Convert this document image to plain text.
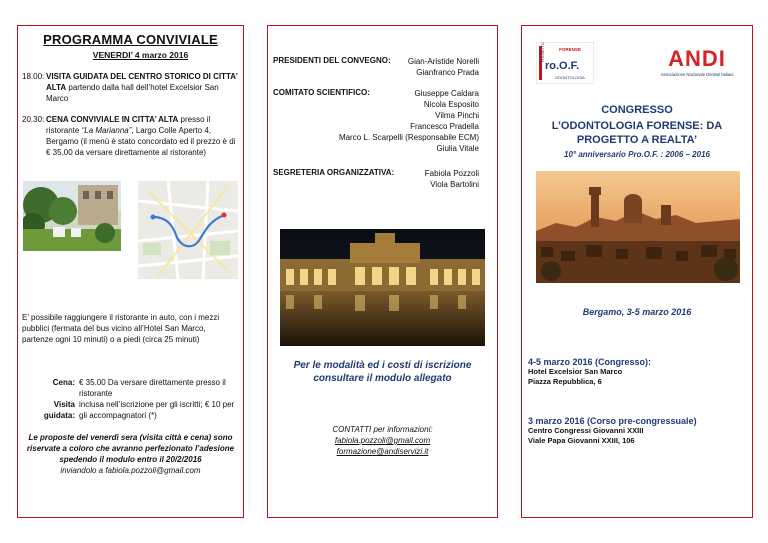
PROGRAMMA CONVIVIALE
VENERDI’ 4 marzo 2016
18.00: VISITA GUIDATA DEL CENTRO STORICO DI CITTA’ ALTA partendo dalla hall dell’hotel Excelsior San Marco
20.30: CENA CONVIVIALE IN CITTA’ ALTA presso il ristorante “La Marianna”, Largo Colle Aperto 4, Bergamo (il menù è stato concordato ed il prezzo è di € 35,00 da versare direttamente al ristorante)
E’ possibile raggiungere il ristorante in auto, con i mezzi pubblici (fermata del bus vicino all’Hotel San Marco, partenze ogni 10 minuti) o a piedi (circa 25 minuti)
Cena: € 35.00 Da versare direttamente presso il ristorante
Visita guidata:
inclusa nell’iscrizione per gli iscritti; € 10 per gli accompagnatori (*)
Le proposte del venerdì sera (visita città e cena) sono riservate a coloro che avranno perfezionato l’adesione spedendo il modulo entro il 20/2/2016
inviandolo a fabiola.pozzoli@gmail.com
PRESIDENTI DEL CONVEGNO: Gian-Aristide Norelli
Gianfranco Prada
COMITATO SCIENTIFICO:	Giuseppe Caldara
Nicola Esposito
Vilma Pinchi
Francesco Pradella
Marco L. Scarpelli (Responsabile ECM)
Giulia Vitale
SEGRETERIA ORGANIZZATIVA:	Fabiola Pozzoli
Viola Bartolini
Per le modalità ed i costi di iscrizione consultare il modulo allegato
CONTATTI per informazioni:
fabiola.pozzoli@gmail.com
formazione@andiservizi.it
FORENSE
ro.O.F.
PROGETTO
ODONTOLOGIA
ANDI
Associazione Nazionale Dentisti Italiani
CONGRESSO
L’ODONTOLOGIA FORENSE: DA PROGETTO A REALTA’
10° anniversario Pro.O.F. : 2006 – 2016
Bergamo, 3-5 marzo 2016
4-5 marzo 2016 (Congresso):
Hotel Excelsior San Marco
Piazza Repubblica, 6
3 marzo 2016 (Corso pre-congressuale)
Centro Congressi Giovanni XXIII
Viale Papa Giovanni XXIII, 106
